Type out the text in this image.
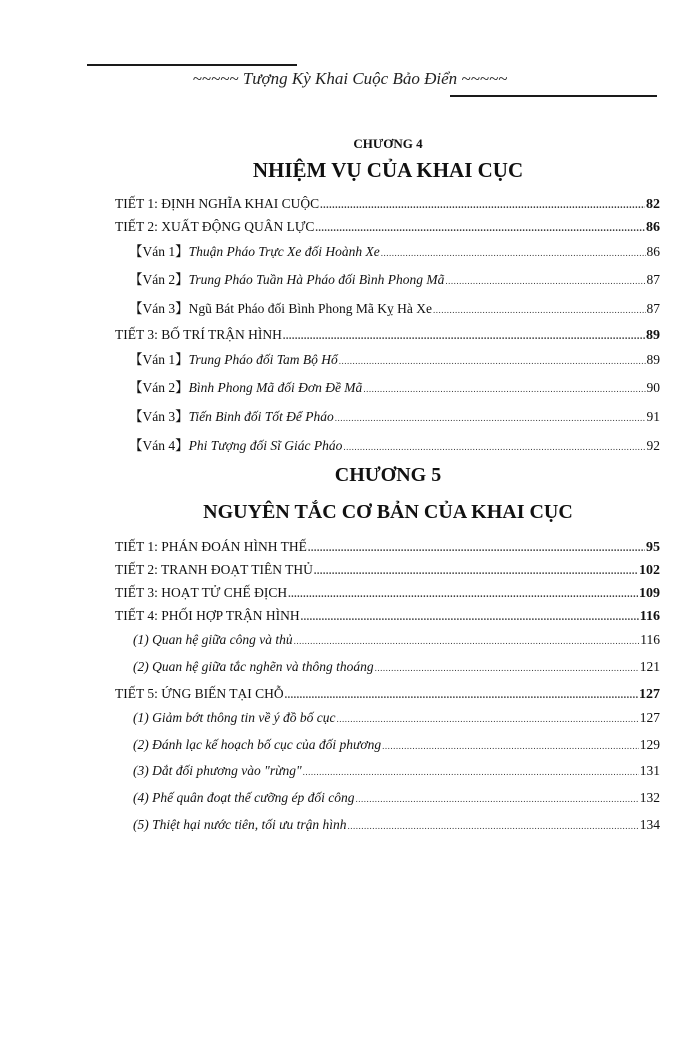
~~~~~ Tượng Kỳ Khai Cuộc Bảo Điển ~~~~~
CHƯƠNG 4
NHIỆM VỤ CỦA KHAI CỤC
TIẾT 1: ĐỊNH NGHĨA KHAI CUỘC .....	82
TIẾT 2: XUẤT ĐỘNG QUÂN LỰC .....	86
【Ván 1】 Thuận Pháo Trực Xe đối Hoành Xe .....	86
【Ván 2】 Trung Pháo Tuần Hà Pháo đối Bình Phong Mã .....	87
【Ván 3】 Ngũ Bát Pháo đối Bình Phong Mã Kỵ Hà Xe .....	87
TIẾT 3: BỐ TRÍ TRẬN HÌNH .....	89
【Ván 1】 Trung Pháo đối Tam Bộ Hổ .....	89
【Ván 2】 Bình Phong Mã đối Đơn Đề Mã .....	90
【Ván 3】 Tiến Binh đối Tốt Để Pháo .....	91
【Ván 4】 Phi Tượng đối Sĩ Giác Pháo .....	92
CHƯƠNG 5
NGUYÊN TẮC CƠ BẢN CỦA KHAI CỤC
TIẾT 1: PHÁN ĐOÁN HÌNH THẾ .....	95
TIẾT 2: TRANH ĐOẠT TIÊN THỦ .....	102
TIẾT 3: HOẠT TỬ CHẾ ĐỊCH .....	109
TIẾT 4: PHỐI HỢP TRẬN HÌNH .....	116
(1) Quan hệ giữa công và thủ .....	116
(2) Quan hệ giữa tắc nghẽn và thông thoáng .....	121
TIẾT 5: ỨNG BIẾN TẠI CHỖ .....	127
(1) Giảm bớt thông tin về ý đồ bố cục .....	127
(2) Đánh lạc kế hoạch bố cục của đối phương .....	129
(3) Dắt đối phương vào "rừng" .....	131
(4) Phế quân đoạt thế cưỡng ép đối công .....	132
(5) Thiệt hại nước tiên, tối ưu trận hình .....	134
